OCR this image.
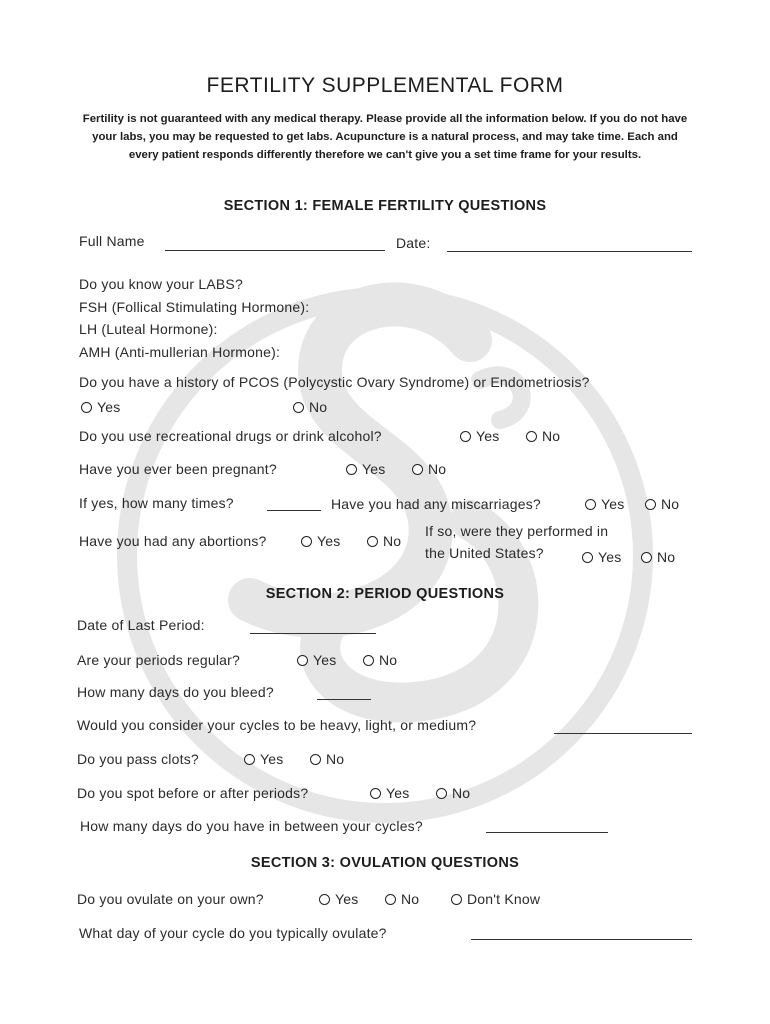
FERTILITY SUPPLEMENTAL FORM
Fertility is not guaranteed with any medical therapy. Please provide all the information below. If you do not have your labs, you may be requested to get labs. Acupuncture is a natural process, and may take time. Each and every patient responds differently therefore we can't give you a set time frame for your results.
SECTION 1: FEMALE FERTILITY QUESTIONS
Full Name	Date:
Do you know your LABS?
FSH (Follical Stimulating Hormone):
LH (Luteal Hormone):
AMH (Anti-mullerian Hormone):
Do you have a history of PCOS (Polycystic Ovary Syndrome) or Endometriosis?
Yes	No
Do you use recreational drugs or drink alcohol?	Yes	No
Have you ever been pregnant?	Yes	No
If yes, how many times?	Have you had any miscarriages?	Yes	No
Have you had any abortions?	Yes	No
If so, were they performed in
the United States?	Yes	No
SECTION 2: PERIOD QUESTIONS
Date of Last Period:
Are your periods regular?	Yes	No
How many days do you bleed?
Would you consider your cycles to be heavy, light, or medium?
Do you pass clots?	Yes	No
Do you spot before or after periods?	Yes	No
How many days do you have in between your cycles?
SECTION 3: OVULATION QUESTIONS
Do you ovulate on your own?	Yes	No	Don't Know
What day of your cycle do you typically ovulate?
